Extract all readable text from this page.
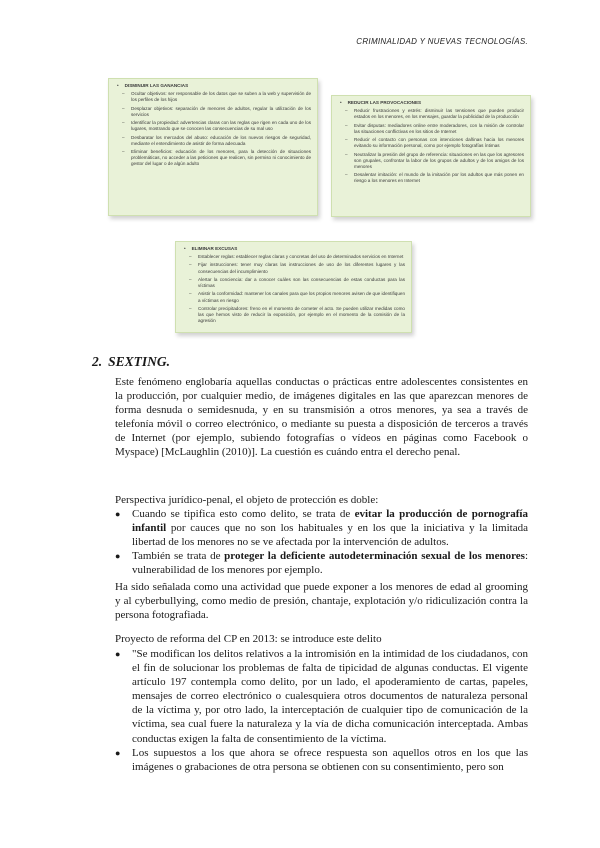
CRIMINALIDAD Y NUEVAS TECNOLOGÍAS.
• DISMINUIR LAS GANANCIAS
– Ocultar objetivos: ser responsable de los datos que se suben a la web y supervisión de los perfiles de los hijos
– Desplazar objetivos: separación de menores de adultos, regular la utilización de los servicios
– Identificar la propiedad: advertencias claras con las reglas que rigen en cada uno de los lugares, mostrando que se conocen las consecuencias de su mal uso
– Desbaratar los mercados del abuso: educación de los nuevos riesgos de seguridad, mediante el entendimiento de asistir de forma adecuada
– Eliminar beneficios: educación de los menores, para la detección de situaciones problemáticas, no acceder a las peticiones que realicen, sin permiso ni conocimiento de gestor del lugar o de algún adulto
• REDUCIR LAS PROVOCACIONES
– Reducir frustraciones y estrés: disminuir las tensiones que pueden producir estados en los menores, en los mensajes, guardar la publicidad de la producción
– Evitar disputas: mediadores online entre moderadores, con la misión de controlar las situaciones conflictivas en los sitios de Internet
– Reducir el contacto con personas con intenciones dañinas hacia los menores evitando su información personal, como por ejemplo fotografías íntimas
– Neutralizar la presión del grupo de referencia: situaciones en las que los agresores son grupales, confrontar la labor de los grupos de adultos y de los amigos de los menores
– Desalentar imitación: el mundo de la imitación por los adultos que más ponen en riesgo a los menores en Internet
• ELIMINAR EXCUSAS
– Establecer reglas: establecer reglas claras y concretas del uso de determinados servicios en Internet
– Fijar instrucciones: tener muy claras las instrucciones de uso de los diferentes lugares y las consecuencias del incumplimiento
– Alertar la conciencia: dar a conocer cuáles son las consecuencias de estas conductas para las víctimas
– Asistir la conformidad: mantener los canales para que los propios menores avisen de que identifiquen a víctimas en riesgo
– Controlar precipitadores: freno en el momento de cometer el acto. Se pueden utilizar medidas como las que hemos visto de reducir la exposición, por ejemplo en el momento de la comisión de la agresión
2. SEXTING.

Este fenómeno englobaría aquellas conductas o prácticas entre adolescentes consistentes en la producción, por cualquier medio, de imágenes digitales en las que aparezcan menores de forma desnuda o semidesnuda, y en su transmisión a otros menores, ya sea a través de telefonía móvil o correo electrónico, o mediante su puesta a disposición de terceros a través de Internet (por ejemplo, subiendo fotografías o vídeos en páginas como Facebook o Myspace) [McLaughlin (2010)]. La cuestión es cuándo entra el derecho penal.

Perspectiva jurídico-penal, el objeto de protección es doble:

● Cuando se tipifica esto como delito, se trata de evitar la producción de pornografía infantil por cauces que no son los habituales y en los que la iniciativa y la limitada libertad de los menores no se ve afectada por la intervención de adultos.
● También se trata de proteger la deficiente autodeterminación sexual de los menores: vulnerabilidad de los menores por ejemplo.

Ha sido señalada como una actividad que puede exponer a los menores de edad al grooming y al cyberbullying, como medio de presión, chantaje, explotación y/o ridiculización contra la persona fotografiada.

Proyecto de reforma del CP en 2013: se introduce este delito

● "Se modifican los delitos relativos a la intromisión en la intimidad de los ciudadanos, con el fin de solucionar los problemas de falta de tipicidad de algunas conductas. El vigente artículo 197 contempla como delito, por un lado, el apoderamiento de cartas, papeles, mensajes de correo electrónico o cualesquiera otros documentos de naturaleza personal de la víctima y, por otro lado, la interceptación de cualquier tipo de comunicación de la víctima, sea cual fuere la naturaleza y la vía de dicha comunicación interceptada. Ambas conductas exigen la falta de consentimiento de la víctima.
● Los supuestos a los que ahora se ofrece respuesta son aquellos otros en los que las imágenes o grabaciones de otra persona se obtienen con su consentimiento, pero son
